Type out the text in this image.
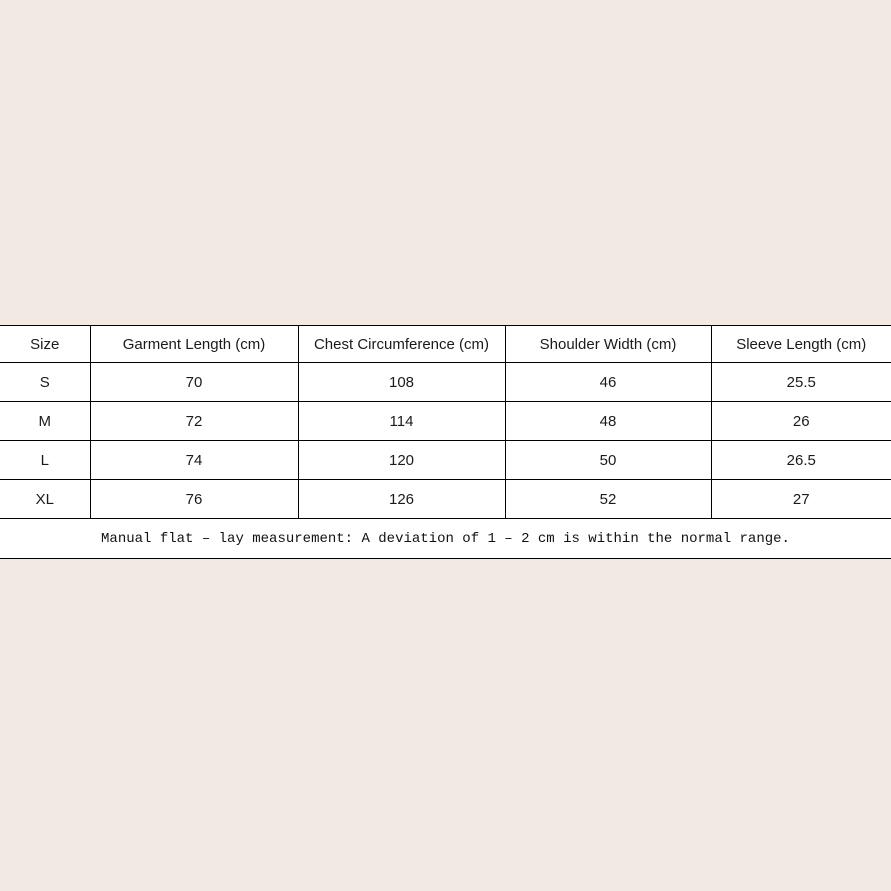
Size	Garment Length (cm)	Chest Circumference (cm)	Shoulder Width (cm)	Sleeve Length (cm)
S	70	108	46	25.5
M	72	114	48	26
L	74	120	50	26.5
XL	76	126	52	27
Manual flat – lay measurement: A deviation of 1 – 2 cm is within the normal range.
